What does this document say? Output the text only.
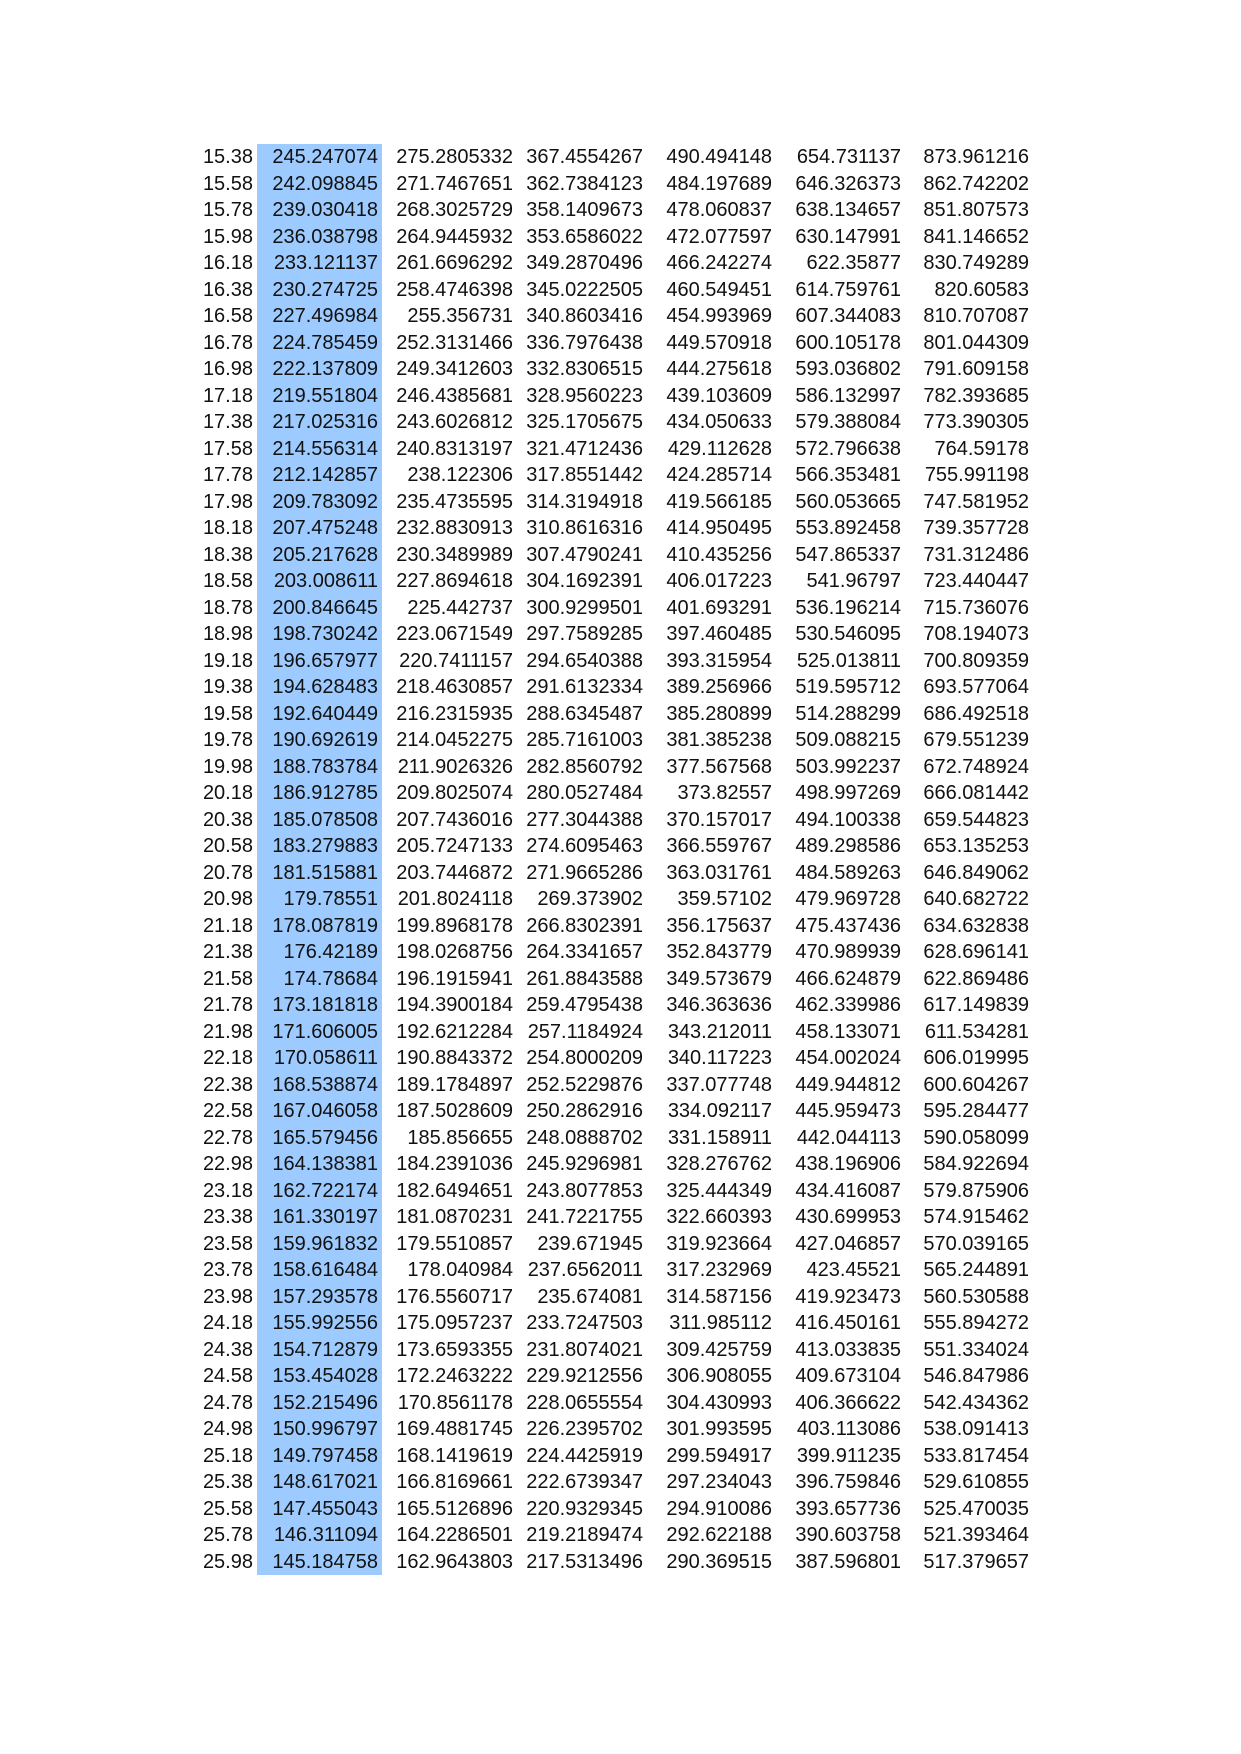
15.38 245.247074 275.2805332 367.4554267	490.494148	654.731137	873.961216
15.58 242.098845 271.7467651 362.7384123	484.197689	646.326373	862.742202
15.78 239.030418 268.3025729 358.1409673	478.060837	638.134657	851.807573
15.98 236.038798 264.9445932 353.6586022	472.077597	630.147991	841.146652
16.18	233.121137 261.6696292 349.2870496	466.242274	622.35877	830.749289
16.38 230.274725 258.4746398 345.0222505	460.549451	614.759761	820.60583
16.58 227.496984	255.356731 340.8603416	454.993969	607.344083	810.707087
16.78 224.785459 252.3131466 336.7976438	449.570918	600.105178	801.044309
16.98 222.137809 249.3412603 332.8306515	444.275618	593.036802	791.609158
17.18 219.551804 246.4385681 328.9560223	439.103609	586.132997	782.393685
17.38 217.025316 243.6026812 325.1705675	434.050633	579.388084	773.390305
17.58 214.556314 240.8313197 321.4712436	429.112628	572.796638	764.59178
17.78 212.142857	238.122306 317.8551442	424.285714	566.353481	755.991198
17.98 209.783092 235.4735595 314.3194918	419.566185	560.053665	747.581952
18.18 207.475248 232.8830913 310.8616316	414.950495	553.892458	739.357728
18.38 205.217628 230.3489989 307.4790241	410.435256	547.865337	731.312486
18.58	203.008611 227.8694618 304.1692391	406.017223	541.96797	723.440447
18.78 200.846645	225.442737 300.9299501	401.693291	536.196214	715.736076
18.98 198.730242 223.0671549 297.7589285	397.460485	530.546095	708.194073
19.18 196.657977	220.7411157 294.6540388	393.315954	525.013811	700.809359
19.38 194.628483 218.4630857 291.6132334	389.256966	519.595712	693.577064
19.58 192.640449 216.2315935 288.6345487	385.280899	514.288299	686.492518
19.78 190.692619 214.0452275 285.7161003	381.385238	509.088215	679.551239
19.98 188.783784 211.9026326 282.8560792	377.567568	503.992237	672.748924
20.18 186.912785 209.8025074 280.0527484	373.82557	498.997269	666.081442
20.38 185.078508 207.7436016 277.3044388	370.157017	494.100338	659.544823
20.58 183.279883 205.7247133 274.6095463	366.559767	489.298586	653.135253
20.78 181.515881 203.7446872 271.9665286	363.031761	484.589263	646.849062
20.98	179.78551 201.8024118	269.373902	359.57102	479.969728	640.682722
21.18 178.087819 199.8968178 266.8302391	356.175637	475.437436	634.632838
21.38	176.42189 198.0268756 264.3341657	352.843779	470.989939	628.696141
21.58	174.78684 196.1915941 261.8843588	349.573679	466.624879	622.869486
21.78 173.181818 194.3900184 259.4795438	346.363636	462.339986	617.149839
21.98 171.606005 192.6212284 257.1184924	343.212011	458.133071	611.534281
22.18	170.058611 190.8843372 254.8000209	340.117223	454.002024	606.019995
22.38 168.538874 189.1784897 252.5229876	337.077748	449.944812	600.604267
22.58 167.046058 187.5028609 250.2862916	334.092117	445.959473	595.284477
22.78 165.579456	185.856655 248.0888702	331.158911	442.044113	590.058099
22.98 164.138381 184.2391036 245.9296981	328.276762	438.196906	584.922694
23.18 162.722174 182.6494651 243.8077853	325.444349	434.416087	579.875906
23.38 161.330197 181.0870231 241.7221755	322.660393	430.699953	574.915462
23.58 159.961832 179.5510857	239.671945	319.923664	427.046857	570.039165
23.78 158.616484	178.040984 237.6562011	317.232969	423.45521	565.244891
23.98 157.293578 176.5560717	235.674081	314.587156	419.923473	560.530588
24.18 155.992556 175.0957237 233.7247503	311.985112	416.450161	555.894272
24.38 154.712879 173.6593355 231.8074021	309.425759	413.033835	551.334024
24.58 153.454028 172.2463222 229.9212556	306.908055	409.673104	546.847986
24.78 152.215496 170.8561178 228.0655554	304.430993	406.366622	542.434362
24.98 150.996797 169.4881745 226.2395702	301.993595	403.113086	538.091413
25.18 149.797458 168.1419619 224.4425919	299.594917	399.911235	533.817454
25.38 148.617021 166.8169661 222.6739347	297.234043	396.759846	529.610855
25.58 147.455043 165.5126896 220.9329345	294.910086	393.657736	525.470035
25.78	146.311094 164.2286501 219.2189474	292.622188	390.603758	521.393464
25.98 145.184758 162.9643803 217.5313496	290.369515	387.596801	517.379657
